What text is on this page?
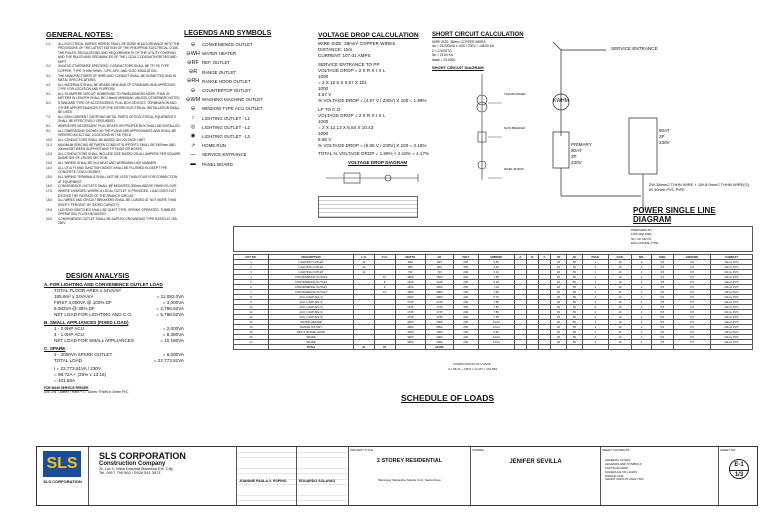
GENERAL NOTES:

1.0	ALL ELECTRICAL WORKS HEREIN SHALL BE DONE IN ACCORDANCE WITH THE PROVISIONS OF THE LATEST EDITION OF THE PHILIPPINE ELECTRICAL CODE, THE RULES, REGULATIONS AND REQUIREMENTS OF THE UTILITY COMPANY AND THE RULES AND ORDINANCES OF THE LOCAL CODE/AUTHORITIES AND DEPT.

2.0	UNLESS OTHERWISE SPECIFIED, CONDUCTORS SHALL BE TF/ PE TYPE COPPER, TYPE THHN/THWN - UPS, APC, AND VLSC INSULATION.

3.0	THE MANUFACTURER OF WIRE AND CONDUIT SHALL BE SUBMITTED AND IN METAL SPECIFICATIONS.

4.0	ALL MATERIALS SHALL BE BRAND NEW AND OF STANDARD AND APPROVED TYPE FOR LOCATION AND PURPOSE.

5.0	ALL 20 AMPERE CIRCUIT HOMERUNS TO PANELBOARDS MORE THAN 30 METERS IN LENGTH SHALL BE 3.5mm2 MINIMUM, UNLESS OTHERWISE NOTED.

6.0	STANDARD TYPE OF ACCESSORIES, PULL BOX DEVICES, TERMINATION AND OTHER APPURTENANCES FOR THE ENTIRE ELECTRICAL INSTALLATION SHALL BE USED.

7.0	ALL NON-CURRENT CARRYING METAL PARTS OF ELECTRICAL EQUIPMENTS SHALL BE EFFECTIVELY GROUNDED.

8.0	WHEREVER NECESSARY, PULL BOXES OR PROPER BOX SHALL BE INSTALLED.

9.0	ALL DIMENSIONS SHOWN ON THE PLANS ARE APPROXIMATE AND SHALL BE VERIFIED AS ACTUAL LOCATIONS IN THE FIELD.

10.0	ALL CONDUCTORS SHALL BE BASED ON VOLTAGE LIMIT.

11.0	MAXIMUM SPACING BETWEEN CONDUIT SUPPORTS SHALL BE 1500mm AND 300mm BETWEEN SUPPORT AND FITTINGS OR BOXES.

12.0	ALL CONDUCTORS SHALL INCLUDE SIZE BASED ON ALL AMPERE PER SQUARE DIAMETER OF CROSS SECTION.

13.0	ALL WIRING SHALL BE IN A NEAT AND WORKMAN LIKE MANNER.

14.0	ALL UTILITY AND JUNCTION BOXES SHALL BE FLUSHED IN DEEP TYPE CONCRETE / ENCLOSURES.

15.0	ALL WIRING TERMINALS SHALL NOT BE LESS THAN FOUR FOR CONNECTION AT EQUIPMENT.

16.0	CONVENIENCE OUTLETS SHALL BE MOUNTED 300mm ABOVE FINISH FLOOR.

17.0	WHERE CHARGED WHERE A LOCAL OUTLET IS PROVIDED, LOAD DOES NOT EXCEED THE RATINGS OF THE BRANCH CIRCUIT.

18.0	ALL WIRES AND CIRCUIT BREAKERS SHALL BE LOADED AT NOT MORE THAN EIGHTY PERCENT OF RATED CAPACITY.

19.0	LIGHTING SWITCHES SHALL BE QUIET TYPE, SPRING OPERATED, TUMBLER OPERATION, FLUSH MOUNTED.

20.0	CONVENIENCE OUTLET SHALL BE DUPLEX GROUNDING TYPE RATED AT 15A, 250V.

DESIGN ANALYSIS
A. FOR LIGHTING AND CONVENIENCE OUTLET LOAD
TOTAL FLOOR AREA x 24VA/m²
185.6m² x 24VA/m²	= 11,082.0VA
FIRST 3,000VA @ 100% DF	= 3,000VA
8,082VA @ 35% DF	= 2,788.62VA
NET LOAD FOR LIGHTING AND C.O.	= 5,788.62VA
B. SMALL APPLIANCES (FIXED LOAD)
1 - 2.0HP ACU	= 2,000VA
4 - 1.0HP ACU	= 8,380VA
NET LOAD FOR SMALL APPLIANCES	= 10,180VA
C. SPARE
2 - 3000VA SPARE OUTLET	= 6,000VA
TOTAL LOAD	= 22,773.61VA
I = 22,773.61VA / 230V
= 98.72A + (25% x 13.15)
= 101.55A
FOR MAIN SERVICE FEEDER
USE 2W - 38mm² THWN + 1 - 14mm² THWN in 40mm PVC
LEGENDS AND SYMBOLS
⊖	CONVENIENCE OUTLET
⊖WH WATER HEATER
⊖RF REF. OUTLET
⊖R	RANGE OUTLET
⊖RH RANGE HOOD OUTLET
⊖	COUNTERTOP OUTLET
⊖WM WASHING MACHINE OUTLET
⊖	WINDOW TYPE ACU OUTLET
○	LIGHTING OUTLET - L1
◎	LIGHTING OUTLET - L2
◉	LIGHTING OUTLET - L3
↗	HOME RUN
—	SERVICE ENTRANCE
▬	PANEL BOARD
VOLTAGE DROP CALCULATION
WIRE SIZE: 38mm² COPPER WIRES
DISTANCE: 15m
CURRENT: 107.01 AMPS
SERVICE ENTRANCE TO PP
VOLTAGE DROP = 2 X R X I X L
1000
= 2 X 12.5 X 0.57 X 101
1000
4.57 V
% VOLTAGE DROP = (4.57 V / 230V) X 100 = 1.99%
LP TO C.O.
VOLTAGE DROP = 2 X R X I X L
1000
= 2 X 12.13 X 5.84 X 10.43
1000
6.65 V
% VOLTAGE DROP = (6.65 V / 230V) X 100 = 2.18%
TOTAL % VOLTAGE DROP = 1.99% + 2.18% = 4.17%
VOLTAGE DROP DIAGRAM
SHORT CIRCUIT CALCULATION
WIRE SIZE: 38mm² COPPER WIRES
Isc = 25,000kVA x 1000 / 230V = 108.69 KA
Z = 0.00027Ω
Isc = 23.64 KA
Ibase = 25,000A
SHORT CIRCUIT DIAGRAM
TRANSFORMER
MAIN BREAKER
PANEL BOARD
SERVICE ENTRANCE
KWHM
PRIMARY
60AT
2P
230V
60AT
2P
230V
2W-38mm2 THHN WIRE + 1W-8.0mm2 THHN WIRE(G) IN 40mm PVC PIPE
POWER SINGLE LINE DIAGRAM
CKT NO.	DESCRIPTION	L.O.	C.O.	WATTS	VA	VOLT	AMPERE	A	B	C	AT	AF	POLE	KAIC	NO.	SIZE	GROUND	CONDUIT
1	LIGHTING OUTLET	14		840	840	230	3.65				20	50	1	10	2	3.5	3.5	20mm PVC
2	LIGHTING OUTLET	15		900	900	230	3.91				20	50	1	10	2	3.5	3.5	20mm PVC
3	LIGHTING OUTLET	12		720	720	230	3.13				20	50	1	10	2	3.5	3.5	20mm PVC
4	CONVENIENCE OUTLET		10	1800	1800	230	7.83				20	50	1	10	2	3.5	3.5	20mm PVC
5	CONVENIENCE OUTLET		8	1440	1440	230	6.26				20	50	1	10	2	3.5	3.5	20mm PVC
6	CONVENIENCE OUTLET		9	1620	1620	230	7.04				20	50	1	10	2	3.5	3.5	20mm PVC
7	CONVENIENCE OUTLET		10	1800	1800	230	7.83				20	50	1	10	2	3.5	3.5	20mm PVC
8	ACU 2.0HP (ES-1)			2000	2000	230	8.70				30	50	2	10	2	5.5	3.5	20mm PVC
9	ACU 1.0HP (ES-2)			1745	1745	230	7.59				30	50	2	10	2	5.5	3.5	20mm PVC
10	ACU 1.0HP (ES-3)			1745	1745	230	7.59				30	50	2	10	2	5.5	3.5	20mm PVC
11	ACU 1.0HP (ES-4)			1745	1745	230	7.59				30	50	2	10	2	5.5	3.5	20mm PVC
12	ACU 1.0HP (ES-5)			1745	1745	230	7.59				30	50	2	10	2	5.5	3.5	20mm PVC
13	WATER HEATER			3000	3000	230	13.04				30	50	2	10	2	5.5	3.5	20mm PVC
14	RANGE OUTLET			3000	3000	230	13.04				30	50	2	10	2	5.5	3.5	20mm PVC
15	REF & RANGE HOOD			1500	1500	230	6.52				20	50	1	10	2	3.5	3.5	20mm PVC
16	SPARE			3000	3000	230	13.04				30	50	2	10	2	5.5	3.5	20mm PVC
17	SPARE			3000	3000	230	13.04				30	50	2	10	2	5.5	3.5	20mm PVC
	TOTAL	41	37		32,600													
PREPARED BY:
FIXTURE SIZE:
NO. OF KEY/S:
ENCLOSURE TYPE:
COMPUTATION OF LOADS
It = 98.47 + (25% x 13.15) = 101.55A
SCHEDULE OF LOADS
SLS
SLS CORPORATION
SLS CORPORATION
Construction Company
Zt. Lot 4, Vista Dulcinia Manresa Ext. City
Tel. 0917 799 562 / 0928 541 3571
JOANNIE PAULA V. ESPINO	EDUARDO SOLAYAO
PROJECT TITLE:
2 STOREY RESIDENTIAL
Barangay Macaraba, Manila Cruz, Santa Rosa
OWNER:
JENIFER SEVILLA
SHEET CONTENTS:
GENERAL NOTES
LEGENDS AND SYMBOLS
VOLTAGE DROP
SCHEDULE OF LOADS
SINGLE LINE
SHORT CIRCUIT ANALYSIS
SHEET NO.
E-1
1/3
